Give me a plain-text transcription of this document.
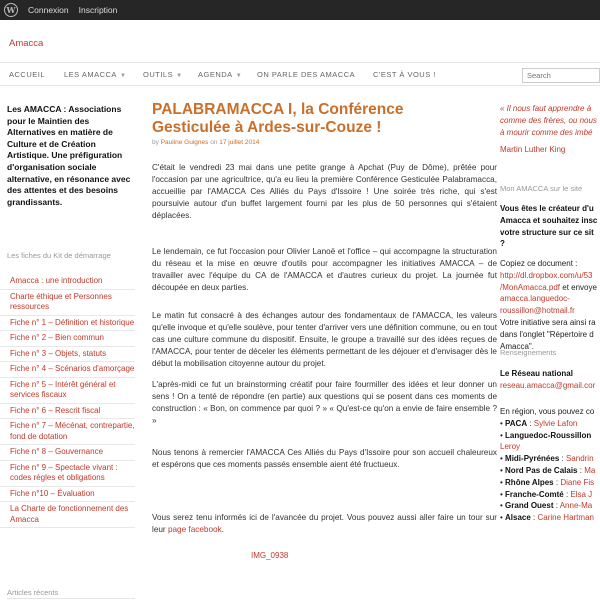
W Connexion Inscription
Amacca
ACCUEIL	LES AMACCA ▼ OUTILS ▼ AGENDA ▼ ON PARLE DES AMACCA C'EST À VOUS !
Search
Les AMACCA : Associations pour le Maintien des Alternatives en matière de Culture et de Création Artistique. Une préfiguration d'organisation sociale alternative, en résonance avec des attentes et des besoins grandissants.
Les fiches du Kit de démarrage
Amacca : une introduction
Charte éthique et Personnes ressources
Fiche n° 1 – Définition et historique
Fiche n° 2 – Bien commun
Fiche n° 3 – Objets, statuts
Fiche n° 4 – Scénarios d'amorçage
Fiche n° 5 – Intérêt général et services fiscaux
Fiche n° 6 – Rescrit fiscal
Fiche n° 7 – Mécénat, contrepartie, fond de dotation
Fiche n° 8 – Gouvernance
Fiche n° 9 – Spectacle vivant : codes règles et obligations
Fiche n°10 – Évaluation
La Charte de fonctionnement des Amacca
Articles récents
PALABRAMACCA I, la Conférence Gesticulée à Ardes-sur-Couze !
by Pauline Guignes on 17 juillet 2014

C'était le vendredi 23 mai dans une petite grange à Apchat (Puy de Dôme), prêtée pour l'occasion par une agricultrice, qu'a eu lieu la première Conférence Gesticulée Palabramacca, accueillie par l'AMACCA Ces Alliés du Pays d'Issoire ! Une soirée très riche, qui s'est poursuivie autour d'un buffet largement fourni par les plus de 50 personnes qui s'étaient déplacées.

Le lendemain, ce fut l'occasion pour Olivier Lanoë et l'office – qui accompagne la structuration du réseau et la mise en œuvre d'outils pour accompagner les initiatives AMACCA – de travailler avec l'équipe du CA de l'AMACCA et d'autres curieux du projet. La journée fut découpée en deux parties.

Le matin fut consacré à des échanges autour des fondamentaux de l'AMACCA, les valeurs qu'elle invoque et qu'elle soulève, pour tenter d'arriver vers une définition commune, ou en tout cas une culture commune du dispositif. Ensuite, le groupe a travaillé sur des idées reçues de l'AMACCA, pour tenter de déceler les éléments permettant de les déjouer et d'envisager dès le début la mobilisation citoyenne autour du projet.

L'après-midi ce fut un brainstorming créatif pour faire fourmiller des idées et leur donner un sens ! On a tenté de répondre (en partie) aux questions qui se posent dans ces moments de construction : « Bon, on commence par quoi ? » « Qu'est-ce qu'on a envie de faire ensemble ? »

Nous tenons à remercier l'AMACCA Ces Alliés du Pays d'Issoire pour son accueil chaleureux et espérons que ces moments passés ensemble aient été fructueux.

Vous serez tenu informés ici de l'avancée du projet. Vous pouvez aussi aller faire un tour sur leur page facebook.

IMG_0938
« Il nous faut apprendre à
comme des frères, ou nous
à mourir comme des imbé
Martin Luther King
Mon AMACCA sur le site
Vous êtes le créateur d'u
Amacca et souhaitez insc
votre structure sur ce sit
?
Copiez ce document :
http://dl.dropbox.com/u/53
/MonAmacca.pdf et envoye
amacca.languedoc-
roussillon@hotmail.fr
Votre initiative sera ainsi ra
dans l'onglet "Répertoire d
Amacca".
Renseignements
Le Réseau national
reseau.amacca@gmail.cor
En région, vous pouvez co
• PACA : Sylvie Lafon
• Languedoc-Roussillon
Leroy
• Midi-Pyrénées : Sandrin
• Nord Pas de Calais : Ma
• Rhône Alpes : Diane Fis
• Franche-Comté : Elsa J
• Grand Ouest : Anne-Ma
• Alsace : Carine Hartman
